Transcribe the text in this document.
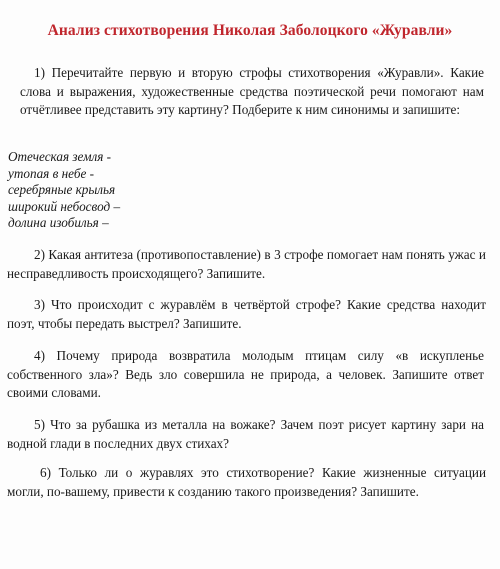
Анализ стихотворения Николая Заболоцкого «Журавли»

1) Перечитайте первую и вторую строфы стихотворения «Журавли». Какие слова и выражения, художественные средства поэтической речи помогают нам отчётливее представить эту картину? Подберите к ним синонимы и запишите:

Отеческая земля -
утопая в небе -
серебряные крылья
широкий небосвод –
долина изобилья –

2) Какая антитеза (противопоставление) в 3 строфе помогает нам понять ужас и несправедливость происходящего? Запишите.

3) Что происходит с журавлём в четвёртой строфе? Какие средства находит поэт, чтобы передать выстрел? Запишите.

4) Почему природа возвратила молодым птицам силу «в искупленье собственного зла»? Ведь зло совершила не природа, а человек. Запишите ответ своими словами.

5) Что за рубашка из металла на вожаке? Зачем поэт рисует картину зари на водной глади в последних двух стихах?

6) Только ли о журавлях это стихотворение? Какие жизненные ситуации могли, по-вашему, привести к созданию такого произведения? Запишите.
